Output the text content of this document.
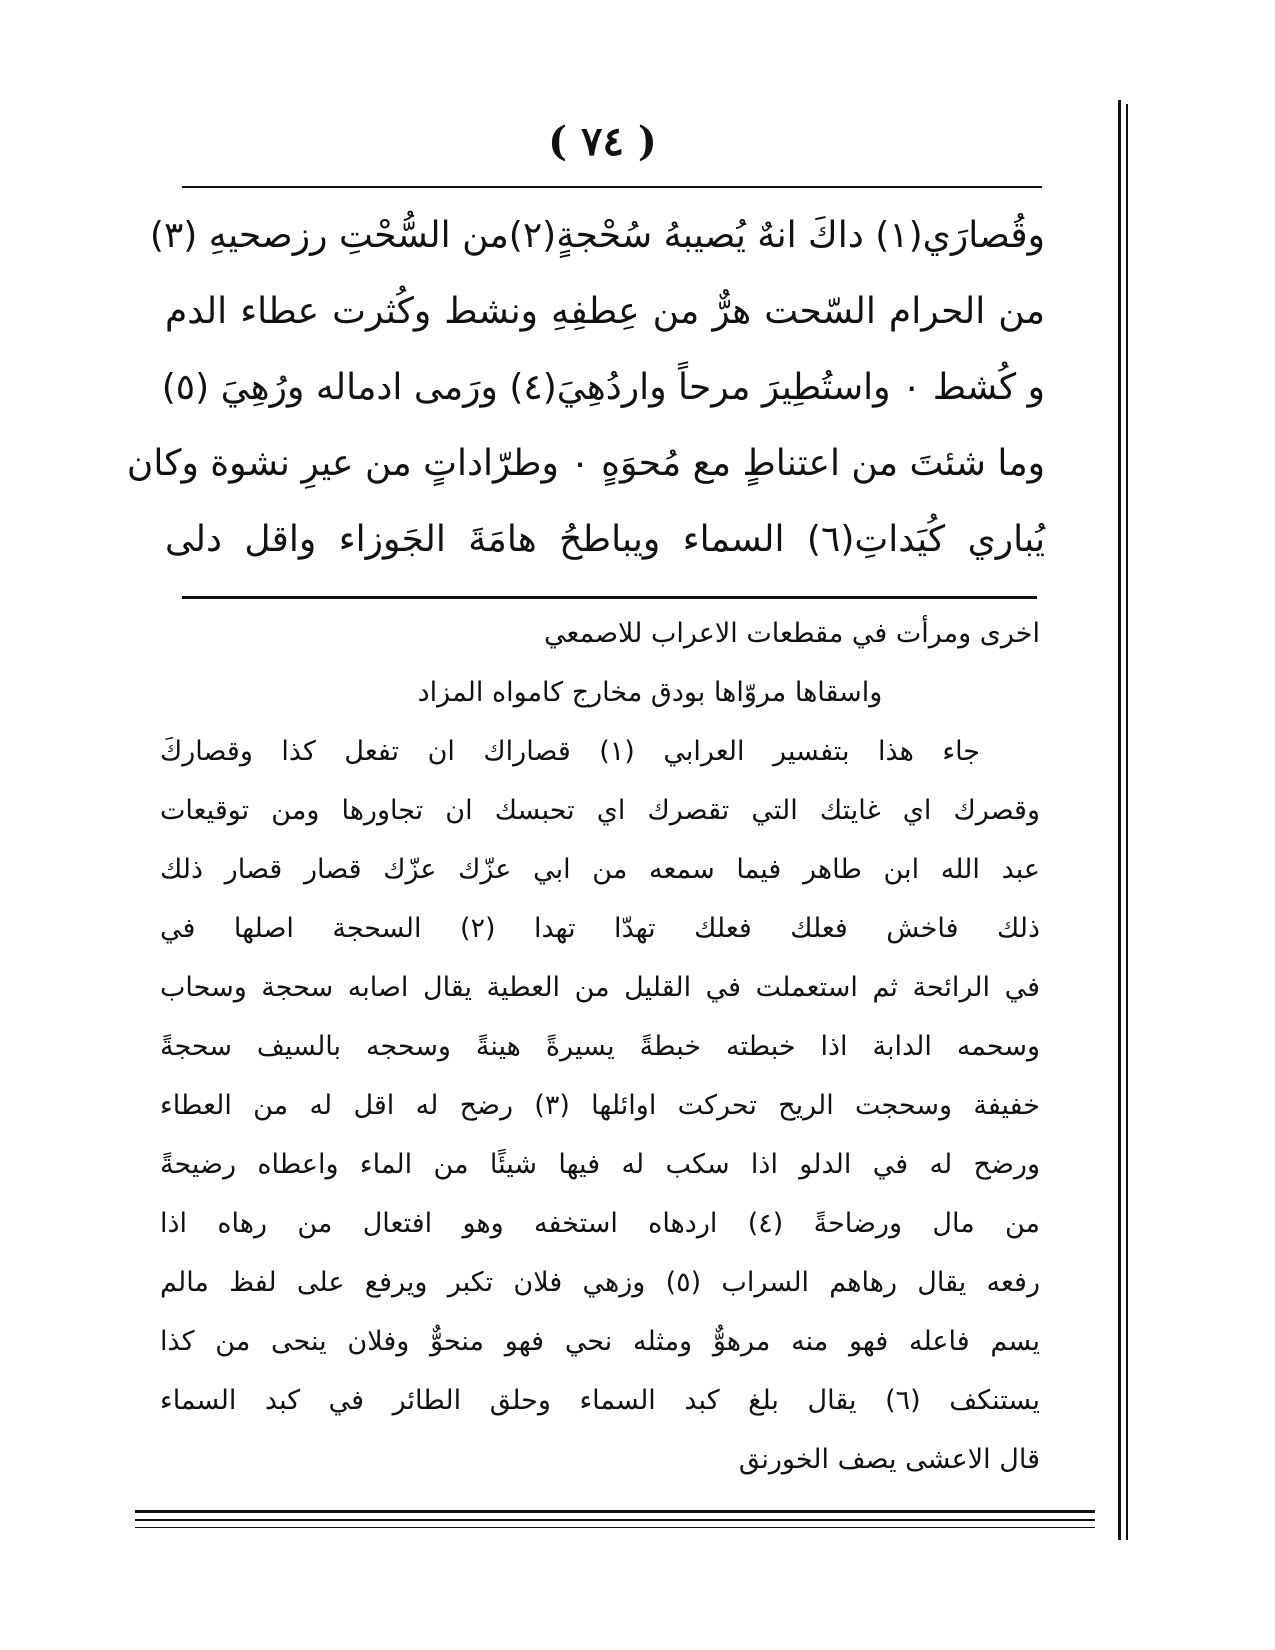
( ٧٤ )
وقُصارَي(١) داكَ انهٌ يُصيبهُ سُحْجةٍ(٢)من السُّحْتِ رزصحيهِ (٣)
من الحرام السّحت هرٌّ من عِطفِهِ ونشط وكُثرت عطاء الدم
و كُشط ٠ واستُطِيرَ مرحاً واردُهِيَ(٤) ورَمى ادماله ورُهِيَ (٥)
وما شئتَ من اعتناطٍ مع مُحوَهٍ ٠ وطرّاداتٍ من عيرِ نشوة وكان
يُباري كُيَداتِ(٦) السماء ويباطحُ هامَةَ الجَوزاء واقل دلى
اخرى ومرأت في مقطعات الاعراب للاصمعي
واسقاها مروّاها بودق مخارج كامواه المزاد
جاء هذا بتفسير العرابي (١) قصاراك ان تفعل كذا وقصاركَ
وقصرك اي غايتك التي تقصرك اي تحبسك ان تجاورها ومن توقيعات
عبد الله ابن طاهر فيما سمعه من ابي عزّك عزّك قصار قصار ذلك
ذلك فاخش فعلك فعلك تهدّا تهدا (٢) السحجة اصلها في
في الرائحة ثم استعملت في القليل من العطية يقال اصابه سحجة وسحاب
وسحمه الدابة اذا خبطته خبطةً يسيرةً هينةً وسحجه بالسيف سحجةً
خفيفة وسحجت الريح تحركت اوائلها (٣) رضح له اقل له من العطاء
ورضح له في الدلو اذا سكب له فيها شيئًا من الماء واعطاه رضيحةً
من مال ورضاحةً (٤) اردهاه استخفه وهو افتعال من رهاه اذا
رفعه يقال رهاهم السراب (٥) وزهي فلان تكبر ويرفع على لفظ مالم
يسم فاعله فهو منه مرهوٌّ ومثله نحي فهو منحوٌّ وفلان ينحى من كذا
يستنكف (٦) يقال بلغ كبد السماء وحلق الطائر في كبد السماء
قال الاعشى يصف الخورنق
